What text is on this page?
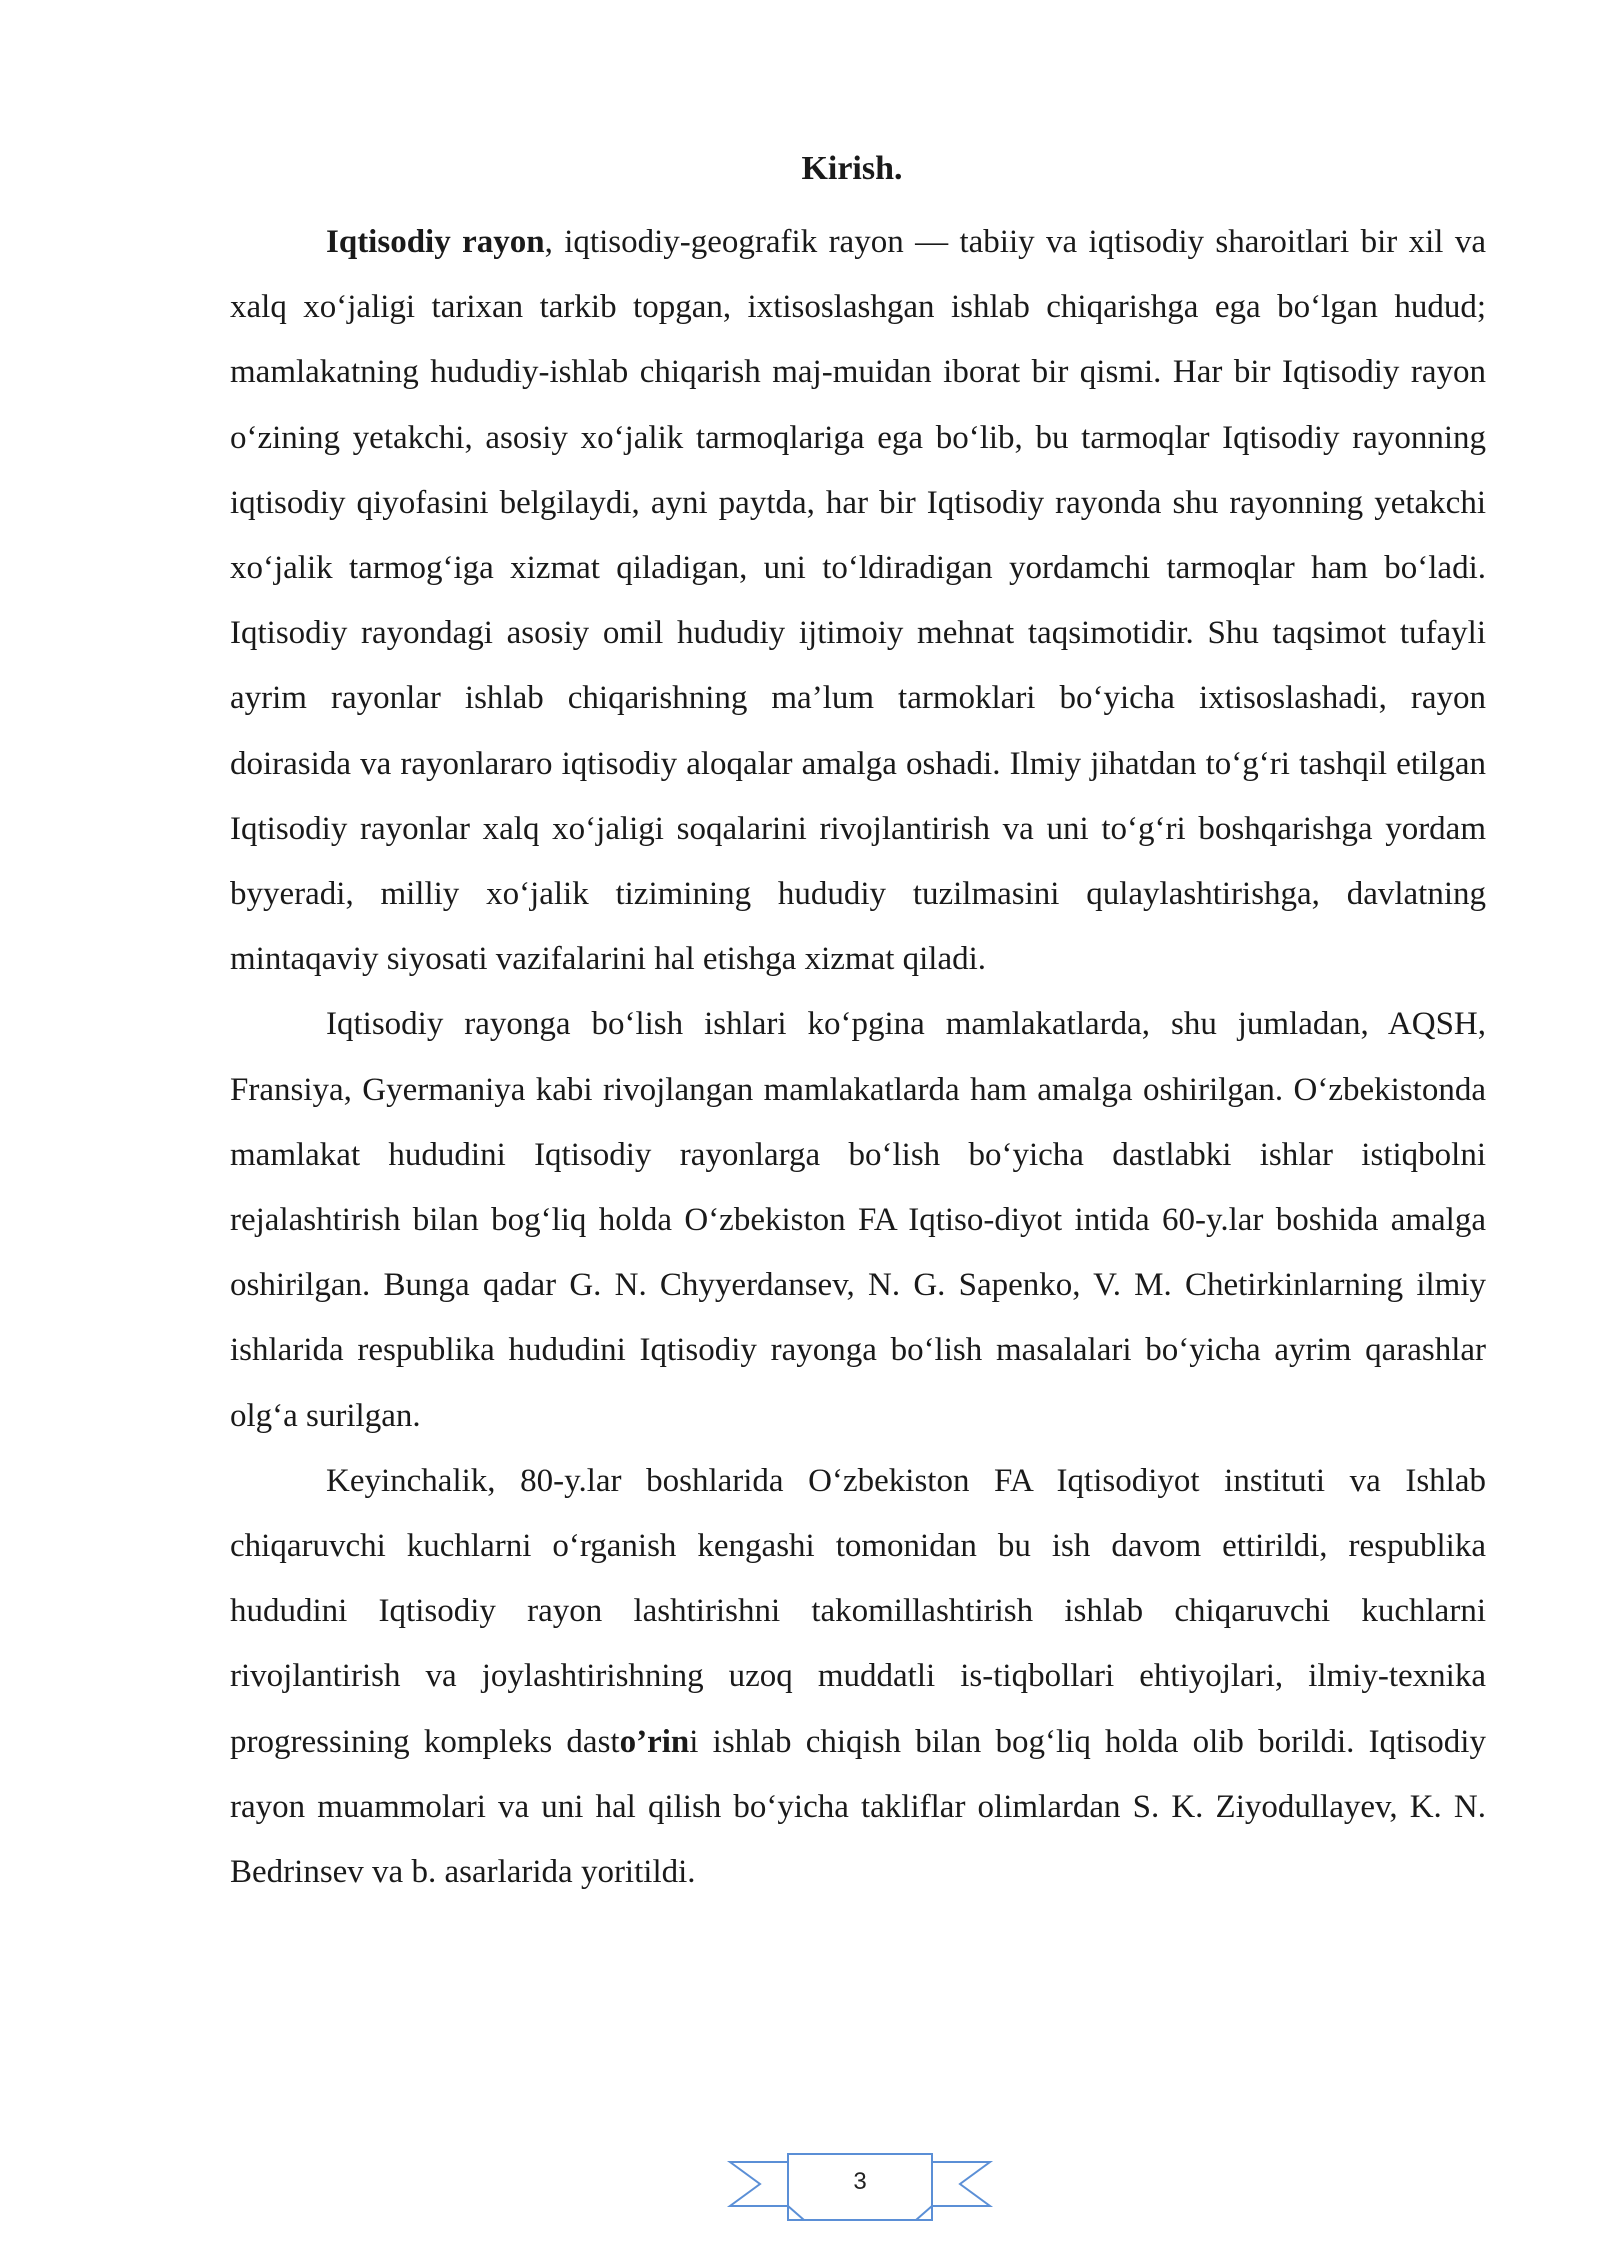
Kirish.

Iqtisodiy rayon, iqtisodiy-geografik rayon — tabiiy va iqtisodiy sharoitlari bir xil va xalq xo‘jaligi tarixan tarkib topgan, ixtisoslashgan ishlab chiqarishga ega bo‘lgan hudud; mamlakatning hududiy-ishlab chiqarish maj-muidan iborat bir qismi. Har bir Iqtisodiy rayon o‘zining yetakchi, asosiy xo‘jalik tarmoqlariga ega bo‘lib, bu tarmoqlar Iqtisodiy rayonning iqtisodiy qiyofasini belgilaydi, ayni paytda, har bir Iqtisodiy rayonda shu rayonning yetakchi xo‘jalik tarmog‘iga xizmat qiladigan, uni to‘ldiradigan yordamchi tarmoqlar ham bo‘ladi. Iqtisodiy rayondagi asosiy omil hududiy ijtimoiy mehnat taqsimotidir. Shu taqsimot tufayli ayrim rayonlar ishlab chiqarishning ma’lum tarmoklari bo‘yicha ixtisoslashadi, rayon doirasida va rayonlararo iqtisodiy aloqalar amalga oshadi. Ilmiy jihatdan to‘g‘ri tashqil etilgan Iqtisodiy rayonlar xalq xo‘jaligi soqalarini rivojlantirish va uni to‘g‘ri boshqarishga yordam byyeradi, milliy xo‘jalik tizimining hududiy tuzilmasini qulaylashtirishga, davlatning mintaqaviy siyosati vazifalarini hal etishga xizmat qiladi.

Iqtisodiy rayonga bo‘lish ishlari ko‘pgina mamlakatlarda, shu jumladan, AQSH, Fransiya, Gyermaniya kabi rivojlangan mamlakatlarda ham amalga oshirilgan. O‘zbekistonda mamlakat hududini Iqtisodiy rayonlarga bo‘lish bo‘yicha dastlabki ishlar istiqbolni rejalashtirish bilan bog‘liq holda O‘zbekiston FA Iqtiso-diyot intida 60-y.lar boshida amalga oshirilgan. Bunga qadar G. N. Chyyerdansev, N. G. Sapenko, V. M. Chetirkinlarning ilmiy ishlarida respublika hududini Iqtisodiy rayonga bo‘lish masalalari bo‘yicha ayrim qarashlar olg‘a surilgan.

Keyinchalik, 80-y.lar boshlarida O‘zbekiston FA Iqtisodiyot instituti va Ishlab chiqaruvchi kuchlarni o‘rganish kengashi tomonidan bu ish davom ettirildi, respublika hududini Iqtisodiy rayon lashtirishni takomillashtirish ishlab chiqaruvchi kuchlarni rivojlantirish va joylashtirishning uzoq muddatli is-tiqbollari ehtiyojlari, ilmiy-texnika progressining kompleks dasto’rini ishlab chiqish bilan bog‘liq holda olib borildi. Iqtisodiy rayon muammolari va uni hal qilish bo‘yicha takliflar olimlardan S. K. Ziyodullayev, K. N. Bedrinsev va b. asarlarida yoritildi.

3
